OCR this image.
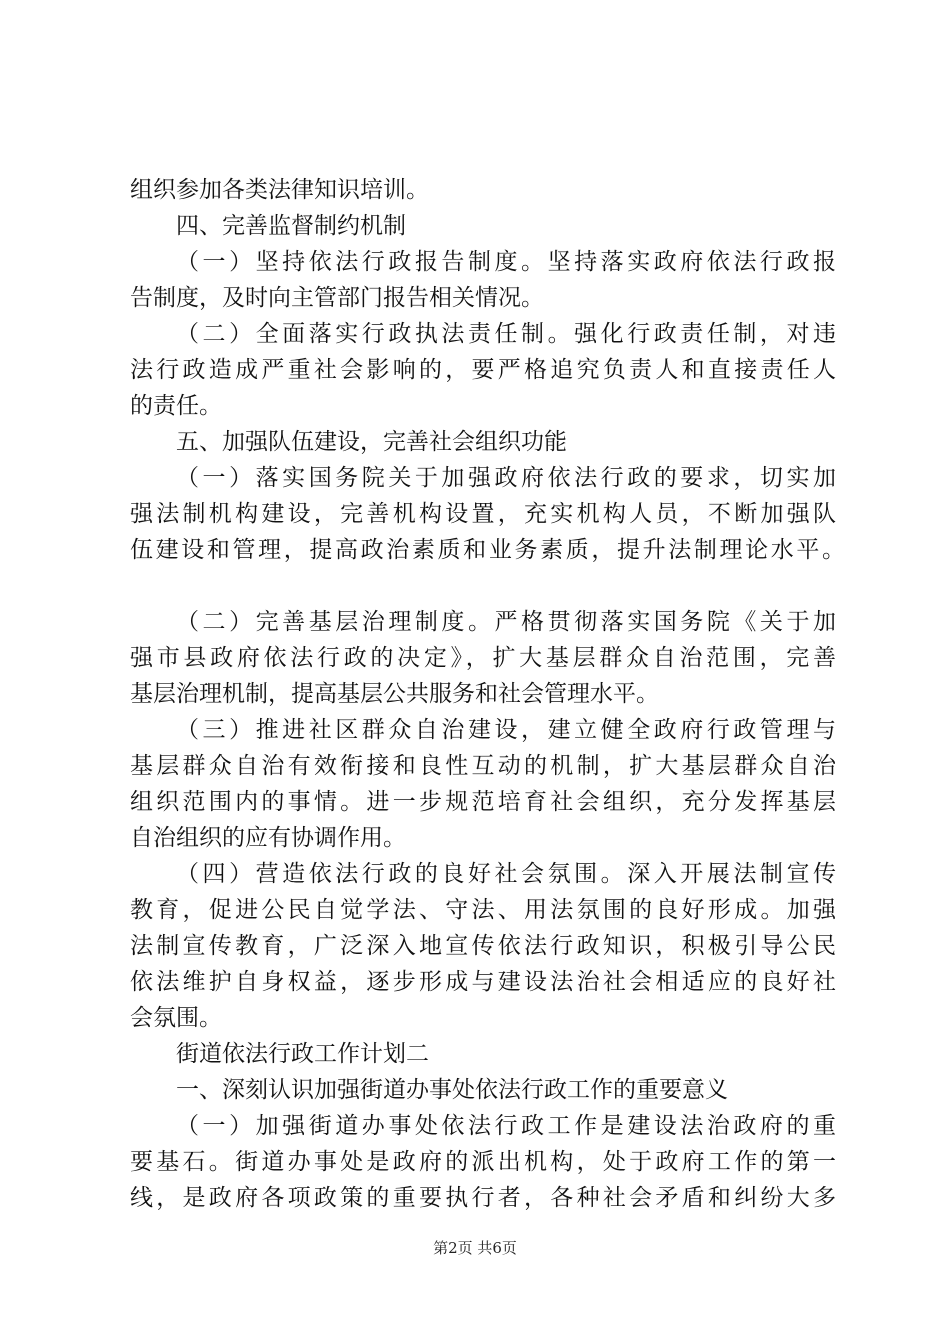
组织参加各类法律知识培训。
四、完善监督制约机制
（一）坚持依法行政报告制度。坚持落实政府依法行政报
告制度，及时向主管部门报告相关情况。
（二）全面落实行政执法责任制。强化行政责任制，对违
法行政造成严重社会影响的，要严格追究负责人和直接责任人
的责任。
五、加强队伍建设，完善社会组织功能
（一）落实国务院关于加强政府依法行政的要求，切实加
强法制机构建设，完善机构设置，充实机构人员，不断加强队
伍建设和管理，提高政治素质和业务素质，提升法制理论水平。
（二）完善基层治理制度。严格贯彻落实国务院《关于加
强市县政府依法行政的决定》，扩大基层群众自治范围，完善
基层治理机制，提高基层公共服务和社会管理水平。
（三）推进社区群众自治建设，建立健全政府行政管理与
基层群众自治有效衔接和良性互动的机制，扩大基层群众自治
组织范围内的事情。进一步规范培育社会组织，充分发挥基层
自治组织的应有协调作用。
（四）营造依法行政的良好社会氛围。深入开展法制宣传
教育，促进公民自觉学法、守法、用法氛围的良好形成。加强
法制宣传教育，广泛深入地宣传依法行政知识，积极引导公民
依法维护自身权益，逐步形成与建设法治社会相适应的良好社
会氛围。
街道依法行政工作计划二
一、深刻认识加强街道办事处依法行政工作的重要意义
（一）加强街道办事处依法行政工作是建设法治政府的重
要基石。街道办事处是政府的派出机构，处于政府工作的第一
线，是政府各项政策的重要执行者，各种社会矛盾和纠纷大多
第2页 共6页
